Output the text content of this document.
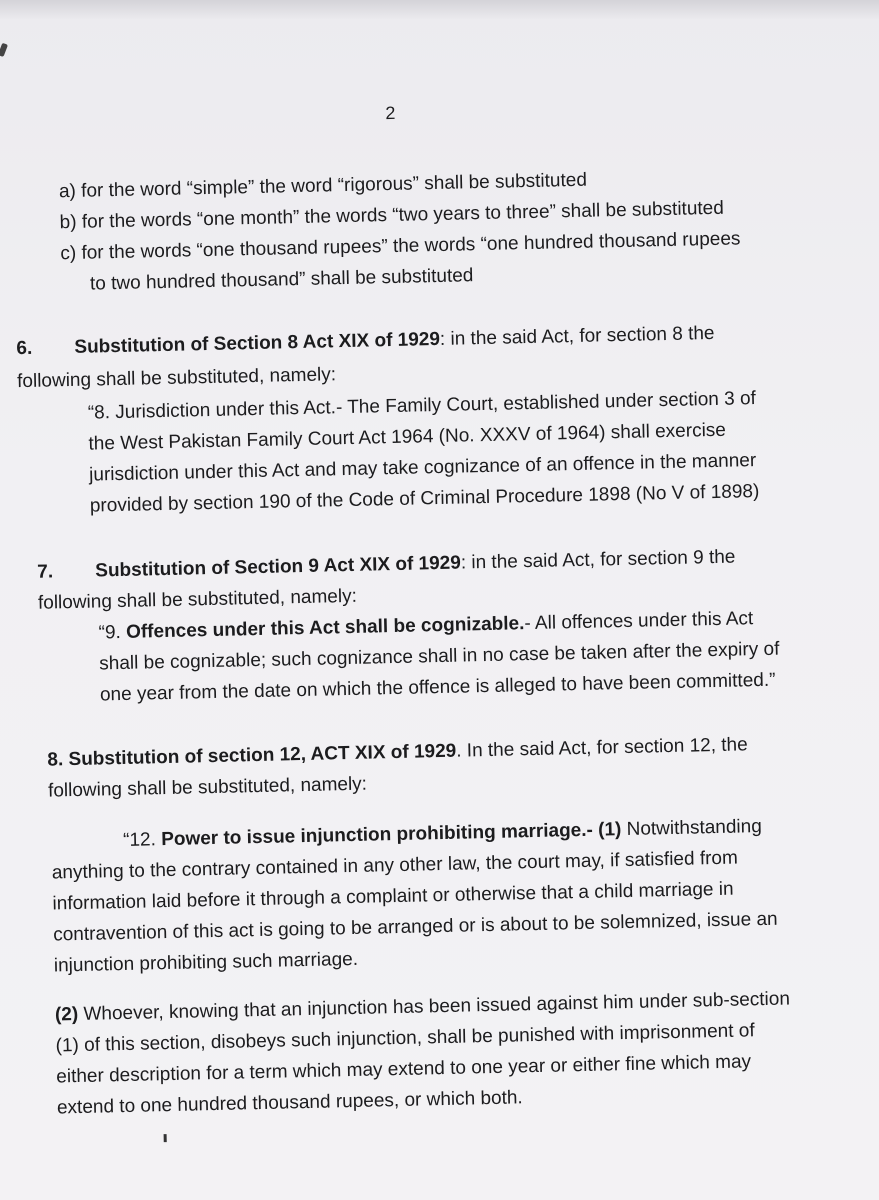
2
a) for the word “simple” the word “rigorous” shall be substituted
b) for the words “one month” the words “two years to three” shall be substituted
c) for the words “one thousand rupees” the words “one hundred thousand rupees
to two hundred thousand” shall be substituted
6. Substitution of Section 8 Act XIX of 1929: in the said Act, for section 8 the
following shall be substituted, namely:
“8. Jurisdiction under this Act.- The Family Court, established under section 3 of
the West Pakistan Family Court Act 1964 (No. XXXV of 1964) shall exercise
jurisdiction under this Act and may take cognizance of an offence in the manner
provided by section 190 of the Code of Criminal Procedure 1898 (No V of 1898)
7. Substitution of Section 9 Act XIX of 1929: in the said Act, for section 9 the
following shall be substituted, namely:
“9. Offences under this Act shall be cognizable.- All offences under this Act
shall be cognizable; such cognizance shall in no case be taken after the expiry of
one year from the date on which the offence is alleged to have been committed.”
8. Substitution of section 12, ACT XIX of 1929. In the said Act, for section 12, the
following shall be substituted, namely:
“12. Power to issue injunction prohibiting marriage.- (1) Notwithstanding
anything to the contrary contained in any other law, the court may, if satisfied from
information laid before it through a complaint or otherwise that a child marriage in
contravention of this act is going to be arranged or is about to be solemnized, issue an
injunction prohibiting such marriage.
(2) Whoever, knowing that an injunction has been issued against him under sub-section
(1) of this section, disobeys such injunction, shall be punished with imprisonment of
either description for a term which may extend to one year or either fine which may
extend to one hundred thousand rupees, or which both.
